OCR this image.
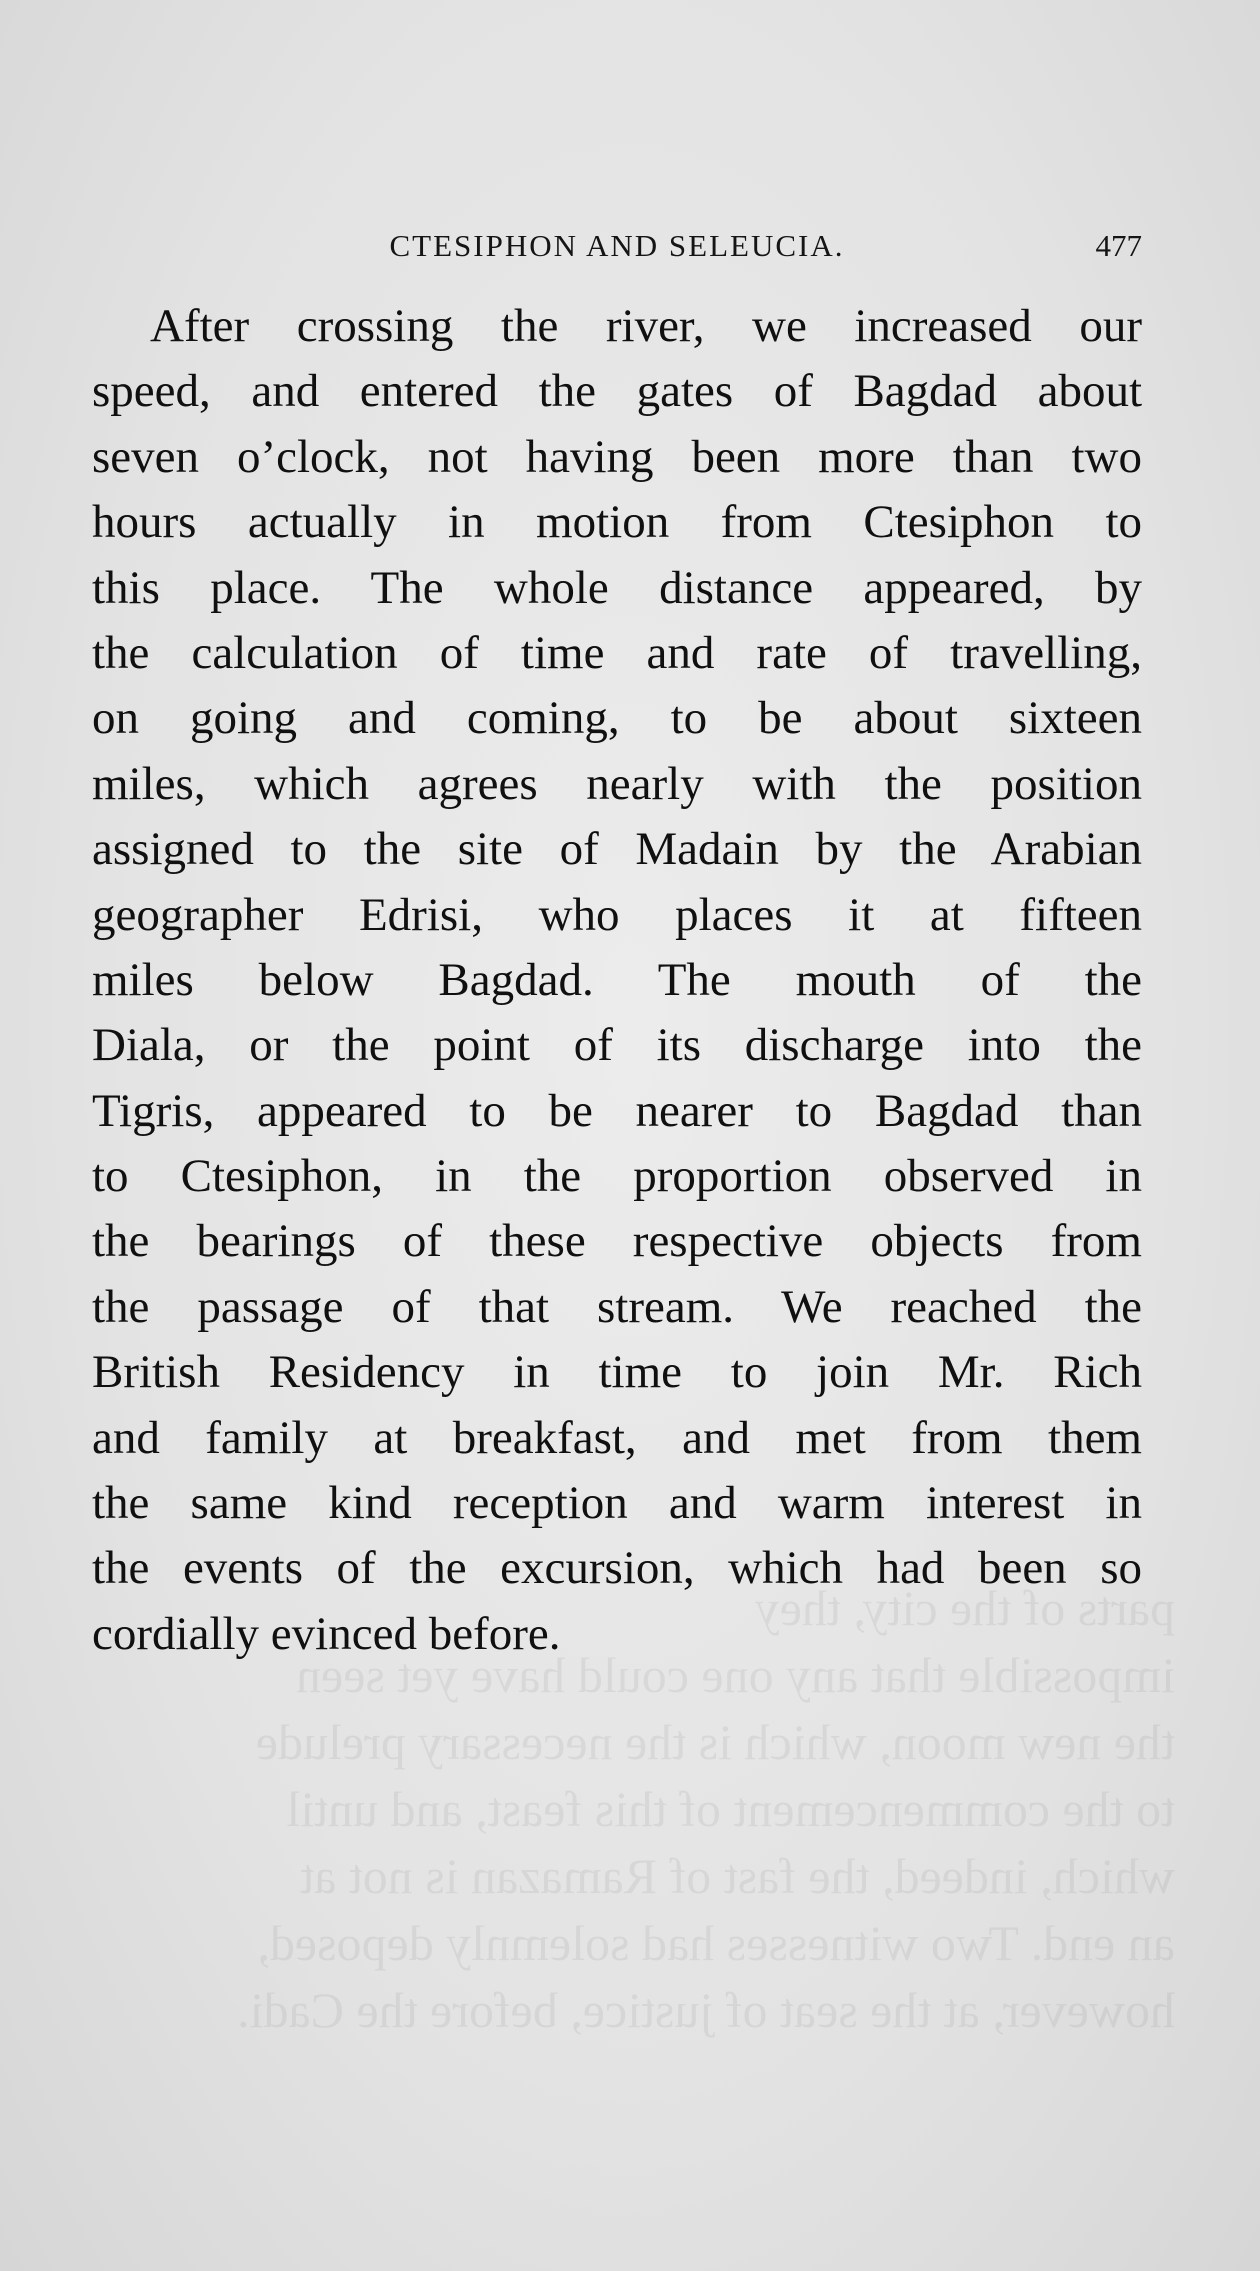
parts of the city, they
impossible that any one could have yet seen
the new moon, which is the necessary prelude
to the commencement of this feast, and until
which, indeed, the fast of Ramazan is not at
an end. Two witnesses had solemnly deposed,
however, at the seat of justice, before the Cadi.
CTESIPHON AND SELEUCIA.	477
After crossing the river, we increased our
speed, and entered the gates of Bagdad about
seven o’clock, not having been more than two
hours actually in motion from Ctesiphon to
this place. The whole distance appeared, by
the calculation of time and rate of travelling,
on going and coming, to be about sixteen
miles, which agrees nearly with the position
assigned to the site of Madain by the Arabian
geographer Edrisi, who places it at fifteen
miles below Bagdad. The mouth of the
Diala, or the point of its discharge into the
Tigris, appeared to be nearer to Bagdad than
to Ctesiphon, in the proportion observed in
the bearings of these respective objects from
the passage of that stream. We reached the
British Residency in time to join Mr. Rich
and family at breakfast, and met from them
the same kind reception and warm interest in
the events of the excursion, which had been so
cordially evinced before.
